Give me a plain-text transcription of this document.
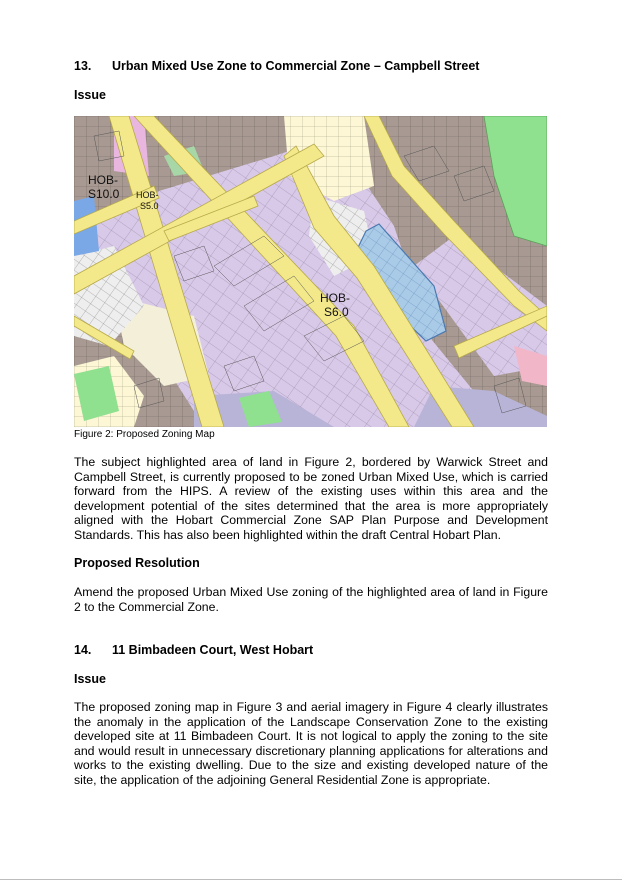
13. Urban Mixed Use Zone to Commercial Zone – Campbell Street
Issue
HOB- S10.0 HOB- S5.0
HOB- S6.0
Figure 2: Proposed Zoning Map

The subject highlighted area of land in Figure 2, bordered by Warwick Street and Campbell Street, is currently proposed to be zoned Urban Mixed Use, which is carried forward from the HIPS. A review of the existing uses within this area and the development potential of the sites determined that the area is more appropriately aligned with the Hobart Commercial Zone SAP Plan Purpose and Development Standards. This has also been highlighted within the draft Central Hobart Plan.

Proposed Resolution

Amend the proposed Urban Mixed Use zoning of the highlighted area of land in Figure 2 to the Commercial Zone.

14. 11 Bimbadeen Court, West Hobart
Issue

The proposed zoning map in Figure 3 and aerial imagery in Figure 4 clearly illustrates the anomaly in the application of the Landscape Conservation Zone to the existing developed site at 11 Bimbadeen Court. It is not logical to apply the zoning to the site and would result in unnecessary discretionary planning applications for alterations and works to the existing dwelling. Due to the size and existing developed nature of the site, the application of the adjoining General Residential Zone is appropriate.
